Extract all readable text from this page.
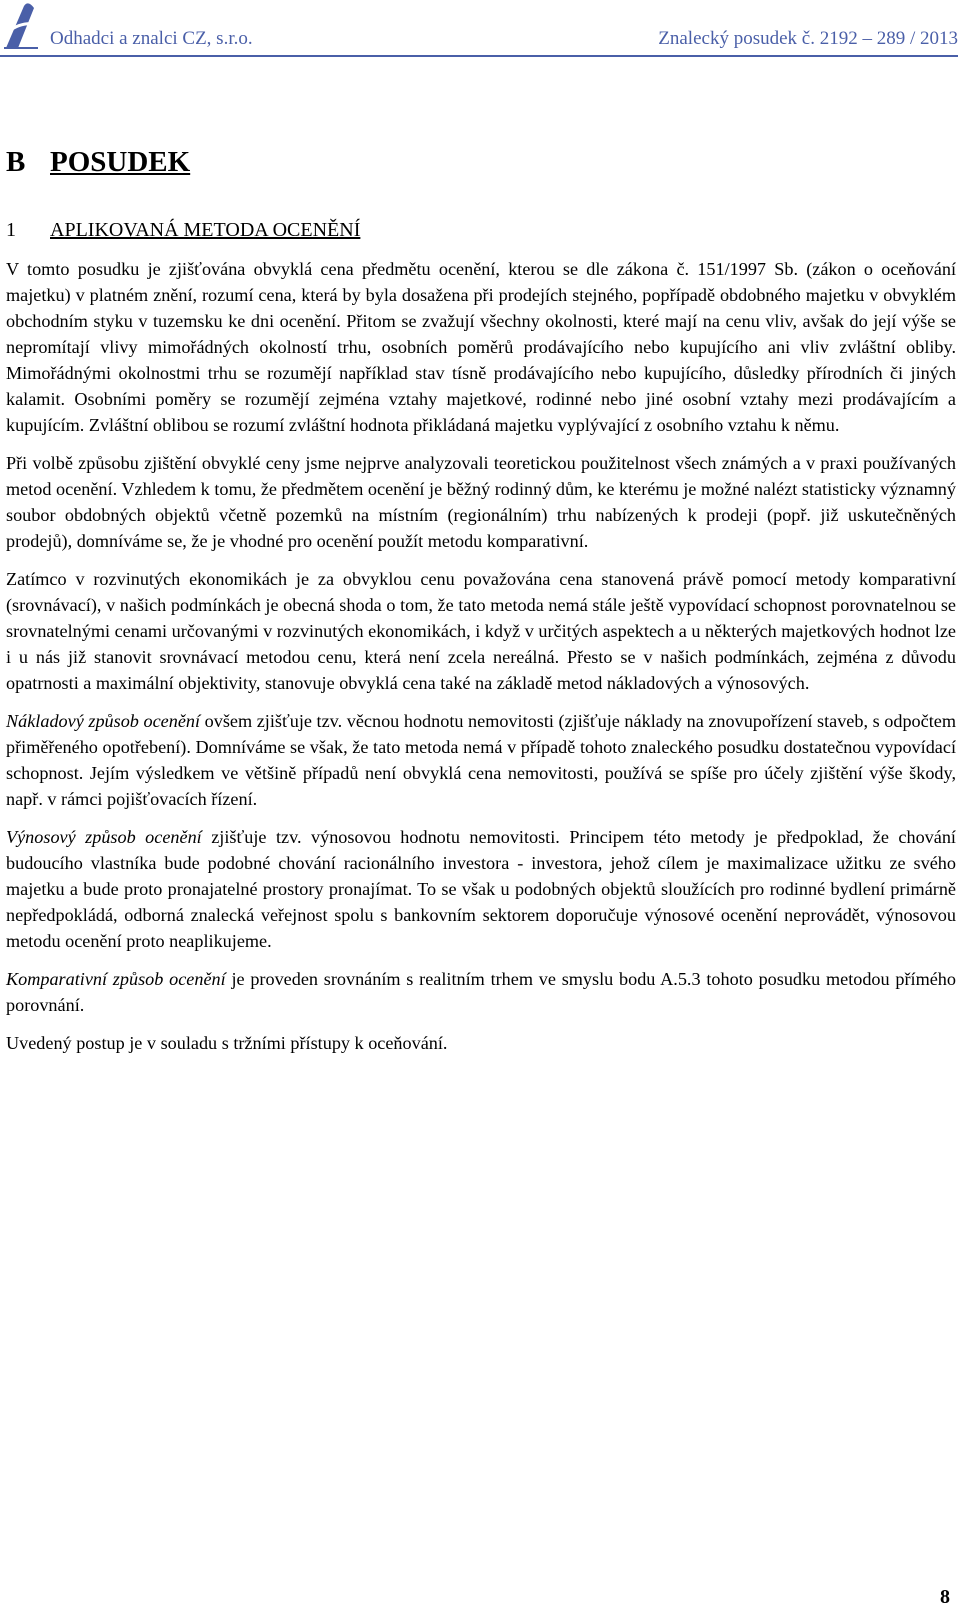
Odhadci a znalci CZ, s.r.o.	Znalecký posudek č. 2192 – 289 / 2013
B POSUDEK
1 APLIKOVANÁ METODA OCENĚNÍ

V tomto posudku je zjišťována obvyklá cena předmětu ocenění, kterou se dle zákona č. 151/1997 Sb. (zákon o oceňování majetku) v platném znění, rozumí cena, která by byla dosažena při prodejích stejného, popřípadě obdobného majetku v obvyklém obchodním styku v tuzemsku ke dni ocenění. Přitom se zvažují všechny okolnosti, které mají na cenu vliv, avšak do její výše se nepromítají vlivy mimořádných okolností trhu, osobních poměrů prodávajícího nebo kupujícího ani vliv zvláštní obliby. Mimořádnými okolnostmi trhu se rozumějí například stav tísně prodávajícího nebo kupujícího, důsledky přírodních či jiných kalamit. Osobními poměry se rozumějí zejména vztahy majetkové, rodinné nebo jiné osobní vztahy mezi prodávajícím a kupujícím. Zvláštní oblibou se rozumí zvláštní hodnota přikládaná majetku vyplývající z osobního vztahu k němu.

Při volbě způsobu zjištění obvyklé ceny jsme nejprve analyzovali teoretickou použitelnost všech známých a v praxi používaných metod ocenění. Vzhledem k tomu, že předmětem ocenění je běžný rodinný dům, ke kterému je možné nalézt statisticky významný soubor obdobných objektů včetně pozemků na místním (regionálním) trhu nabízených k prodeji (popř. již uskutečněných prodejů), domníváme se, že je vhodné pro ocenění použít metodu komparativní.

Zatímco v rozvinutých ekonomikách je za obvyklou cenu považována cena stanovená právě pomocí metody komparativní (srovnávací), v našich podmínkách je obecná shoda o tom, že tato metoda nemá stále ještě vypovídací schopnost porovnatelnou se srovnatelnými cenami určovanými v rozvinutých ekonomikách, i když v určitých aspektech a u některých majetkových hodnot lze i u nás již stanovit srovnávací metodou cenu, která není zcela nereálná. Přesto se v našich podmínkách, zejména z důvodu opatrnosti a maximální objektivity, stanovuje obvyklá cena také na základě metod nákladových a výnosových.

Nákladový způsob ocenění ovšem zjišťuje tzv. věcnou hodnotu nemovitosti (zjišťuje náklady na znovupořízení staveb, s odpočtem přiměřeného opotřebení). Domníváme se však, že tato metoda nemá v případě tohoto znaleckého posudku dostatečnou vypovídací schopnost. Jejím výsledkem ve většině případů není obvyklá cena nemovitosti, používá se spíše pro účely zjištění výše škody, např. v rámci pojišťovacích řízení.

Výnosový způsob ocenění zjišťuje tzv. výnosovou hodnotu nemovitosti. Principem této metody je předpoklad, že chování budoucího vlastníka bude podobné chování racionálního investora - investora, jehož cílem je maximalizace užitku ze svého majetku a bude proto pronajatelné prostory pronajímat. To se však u podobných objektů sloužících pro rodinné bydlení primárně nepředpokládá, odborná znalecká veřejnost spolu s bankovním sektorem doporučuje výnosové ocenění neprovádět, výnosovou metodu ocenění proto neaplikujeme.

Komparativní způsob ocenění je proveden srovnáním s realitním trhem ve smyslu bodu A.5.3 tohoto posudku metodou přímého porovnání.

Uvedený postup je v souladu s tržními přístupy k oceňování.

8
